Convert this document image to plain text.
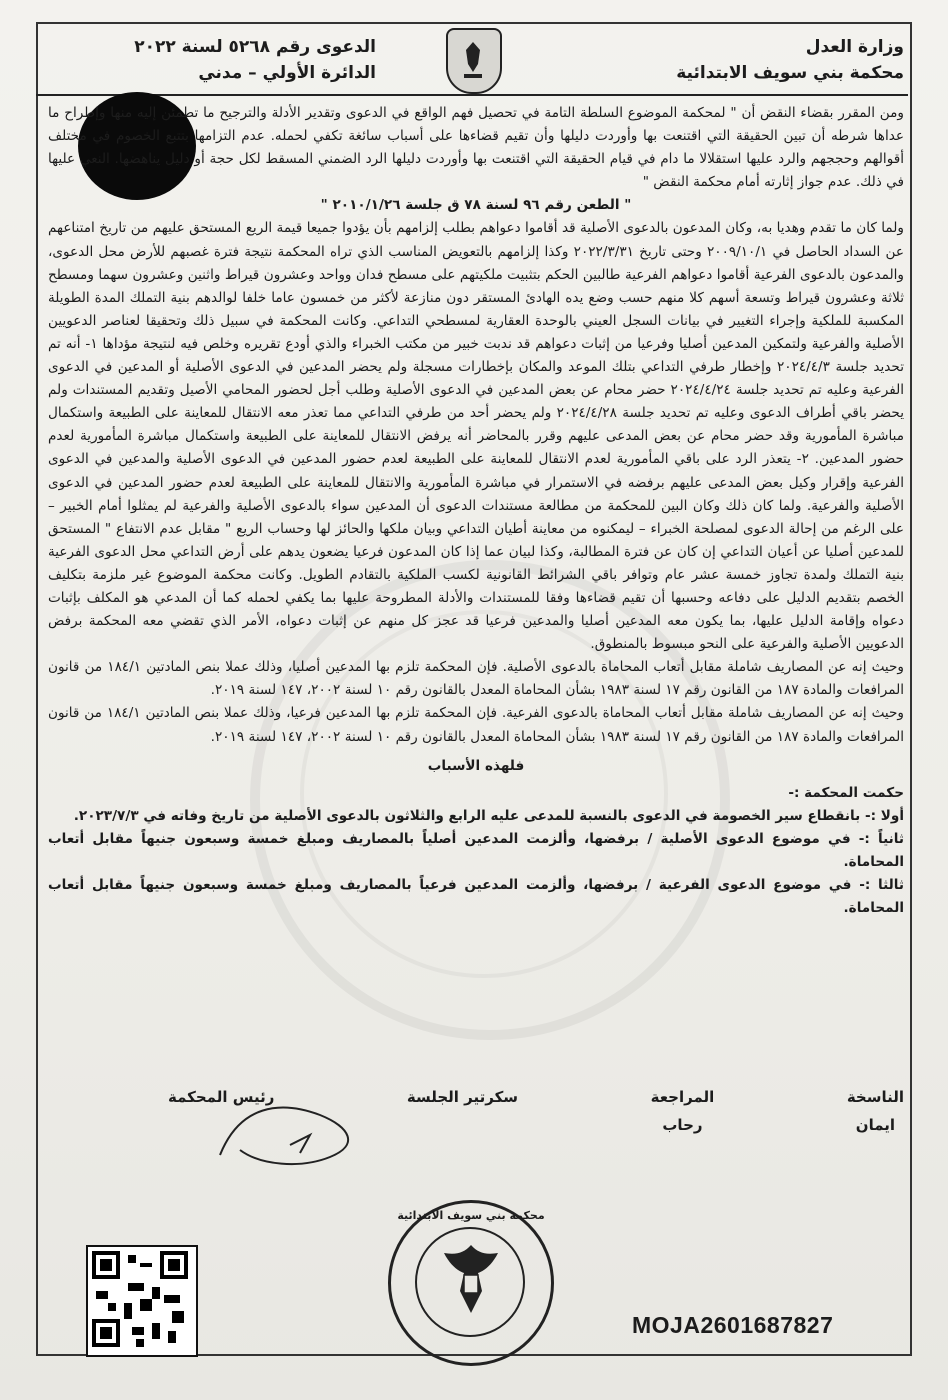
وزارة العدل
محكمة بني سويف الابتدائية
الدعوى رقم ٥٢٦٨ لسنة ٢٠٢٢
الدائرة الأولي – مدني

ومن المقرر بقضاء النقض أن " لمحكمة الموضوع السلطة التامة في تحصيل فهم الواقع في الدعوى وتقدير الأدلة والترجيح ما تطمئن إليه منها وإطراح ما عداها شرطه أن تبين الحقيقة التي اقتنعت بها وأوردت دليلها وأن تقيم قضاءها على أسباب سائغة تكفي لحمله. عدم التزامها بتتبع الخصوم في مختلف أقوالهم وحججهم والرد عليها استقلالا ما دام في قيام الحقيقة التي اقتنعت بها وأوردت دليلها الرد الضمني المسقط لكل حجة أو دليل يناهضها. النعي عليها في ذلك. عدم جواز إثارته أمام محكمة النقض "

" الطعن رقم ٩٦ لسنة ٧٨ ق جلسة ٢٠١٠/١/٢٦ "

ولما كان ما تقدم وهديا به، وكان المدعون بالدعوى الأصلية قد أقاموا دعواهم بطلب إلزامهم بأن يؤدوا جميعا قيمة الريع المستحق عليهم من تاريخ امتناعهم عن السداد الحاصل في ٢٠٠٩/١٠/١ وحتى تاريخ ٢٠٢٢/٣/٣١ وكذا إلزامهم بالتعويض المناسب الذي تراه المحكمة نتيجة فترة غصبهم للأرض محل الدعوى، والمدعون بالدعوى الفرعية أقاموا دعواهم الفرعية طالبين الحكم بتثبيت ملكيتهم على مسطح فدان وواحد وعشرون قيراط واثنين وعشرون سهما ومسطح ثلاثة وعشرون قيراط وتسعة أسهم كلا منهم حسب وضع يده الهادئ المستقر دون منازعة لأكثر من خمسون عاما خلفا لوالدهم بنية التملك المدة الطويلة المكسبة للملكية وإجراء التغيير في بيانات السجل العيني بالوحدة العقارية لمسطحي التداعي. وكانت المحكمة في سبيل ذلك وتحقيقا لعناصر الدعويين الأصلية والفرعية ولتمكين المدعين أصليا وفرعيا من إثبات دعواهم قد ندبت خبير من مكتب الخبراء والذي أودع تقريره وخلص فيه لنتيجة مؤداها ١- أنه تم تحديد جلسة ٢٠٢٤/٤/٣ وإخطار طرفي التداعي بتلك الموعد والمكان بإخطارات مسجلة ولم يحضر المدعين في الدعوى الأصلية أو المدعين في الدعوى الفرعية وعليه تم تحديد جلسة ٢٠٢٤/٤/٢٤ حضر محام عن بعض المدعين في الدعوى الأصلية وطلب أجل لحضور المحامي الأصيل وتقديم المستندات ولم يحضر باقي أطراف الدعوى وعليه تم تحديد جلسة ٢٠٢٤/٤/٢٨ ولم يحضر أحد من طرفي التداعي مما تعذر معه الانتقال للمعاينة على الطبيعة واستكمال مباشرة المأمورية وقد حضر محام عن بعض المدعى عليهم وقرر بالمحاضر أنه يرفض الانتقال للمعاينة على الطبيعة واستكمال مباشرة المأمورية لعدم حضور المدعين. ٢- يتعذر الرد على باقي المأمورية لعدم الانتقال للمعاينة على الطبيعة لعدم حضور المدعين في الدعوى الأصلية والمدعين في الدعوى الفرعية وإقرار وكيل بعض المدعى عليهم برفضه في الاستمرار في مباشرة المأمورية والانتقال للمعاينة على الطبيعة لعدم حضور المدعين في الدعوى الأصلية والفرعية. ولما كان ذلك وكان البين للمحكمة من مطالعة مستندات الدعوى أن المدعين سواء بالدعوى الأصلية والفرعية لم يمثلوا أمام الخبير – على الرغم من إحالة الدعوى لمصلحة الخبراء – ليمكنوه من معاينة أطيان التداعي وبيان ملكها والحائز لها وحساب الريع " مقابل عدم الانتفاع " المستحق للمدعين أصليا عن أعيان التداعي إن كان عن فترة المطالبة، وكذا لبيان عما إذا كان المدعون فرعيا يضعون يدهم على أرض التداعي محل الدعوى الفرعية بنية التملك ولمدة تجاوز خمسة عشر عام وتوافر باقي الشرائط القانونية لكسب الملكية بالتقادم الطويل. وكانت محكمة الموضوع غير ملزمة بتكليف الخصم بتقديم الدليل على دفاعه وحسبها أن تقيم قضاءها وفقا للمستندات والأدلة المطروحة عليها بما يكفي لحمله كما أن المدعي هو المكلف بإثبات دعواه وإقامة الدليل عليها، بما يكون معه المدعين أصليا والمدعين فرعيا قد عجز كل منهم عن إثبات دعواه، الأمر الذي تقضي معه المحكمة برفض الدعويين الأصلية والفرعية على النحو مبسوط بالمنطوق.

وحيث إنه عن المصاريف شاملة مقابل أتعاب المحاماة بالدعوى الأصلية. فإن المحكمة تلزم بها المدعين أصليا، وذلك عملا بنص المادتين ١٨٤/١ من قانون المرافعات والمادة ١٨٧ من القانون رقم ١٧ لسنة ١٩٨٣ بشأن المحاماة المعدل بالقانون رقم ١٠ لسنة ٢٠٠٢، ١٤٧ لسنة ٢٠١٩.

وحيث إنه عن المصاريف شاملة مقابل أتعاب المحاماة بالدعوى الفرعية. فإن المحكمة تلزم بها المدعين فرعيا، وذلك عملا بنص المادتين ١٨٤/١ من قانون المرافعات والمادة ١٨٧ من القانون رقم ١٧ لسنة ١٩٨٣ بشأن المحاماة المعدل بالقانون رقم ١٠ لسنة ٢٠٠٢، ١٤٧ لسنة ٢٠١٩.

فلهذه الأسباب

حكمت المحكمة :-

أولا :- بانقطاع سير الخصومة في الدعوى بالنسبة للمدعى عليه الرابع والثلاثون بالدعوى الأصلية من تاريخ وفاته في ٢٠٢٣/٧/٣.

ثانياً :- في موضوع الدعوى الأصلية / برفضها، وألزمت المدعين أصلياً بالمصاريف ومبلغ خمسة وسبعون جنيهاً مقابل أتعاب المحاماة.

ثالثا :- في موضوع الدعوى الفرعية / برفضها، وألزمت المدعين فرعياً بالمصاريف ومبلغ خمسة وسبعون جنيهاً مقابل أتعاب المحاماة.

الناسخة
ايمان
المراجعة
رحاب
سكرتير الجلسة
رئيس المحكمة
محكمة بني سويف الابتدائية
MOJA2601687827
